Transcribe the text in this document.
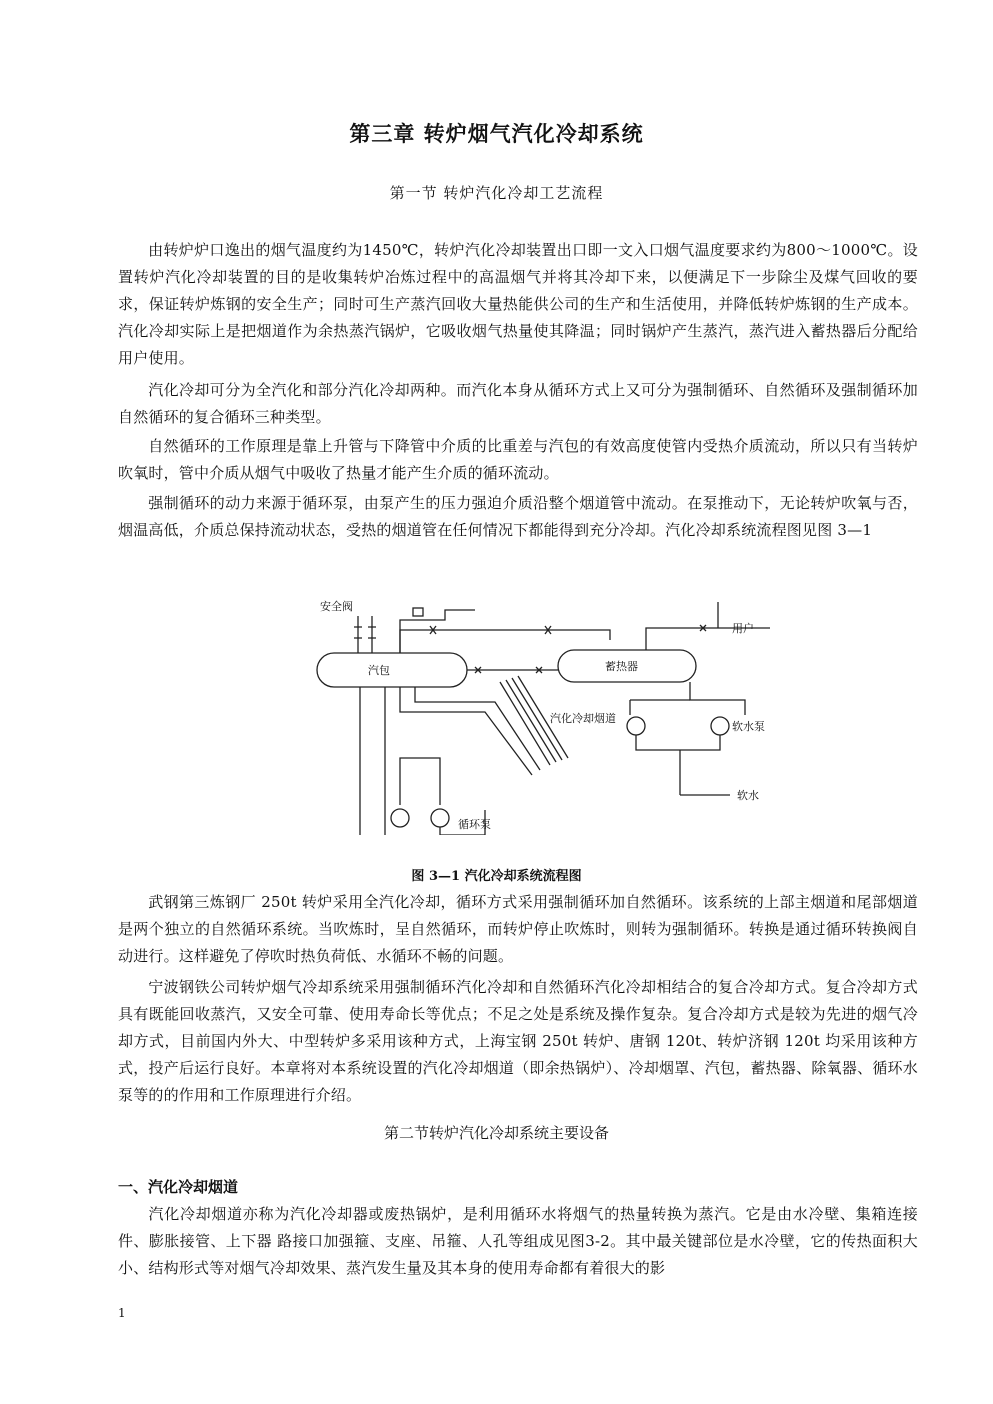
第三章 转炉烟气汽化冷却系统
第一节 转炉汽化冷却工艺流程

由转炉炉口逸出的烟气温度约为1450℃，转炉汽化冷却装置出口即一文入口烟气温度要求约为800～1000℃。设置转炉汽化冷却装置的目的是收集转炉冶炼过程中的高温烟气并将其冷却下来，以便满足下一步除尘及煤气回收的要求，保证转炉炼钢的安全生产；同时可生产蒸汽回收大量热能供公司的生产和生活使用，并降低转炉炼钢的生产成本。汽化冷却实际上是把烟道作为余热蒸汽锅炉，它吸收烟气热量使其降温；同时锅炉产生蒸汽，蒸汽进入蓄热器后分配给用户使用。

汽化冷却可分为全汽化和部分汽化冷却两种。而汽化本身从循环方式上又可分为强制循环、自然循环及强制循环加自然循环的复合循环三种类型。

自然循环的工作原理是靠上升管与下降管中介质的比重差与汽包的有效高度使管内受热介质流动，所以只有当转炉吹氧时，管中介质从烟气中吸收了热量才能产生介质的循环流动。

强制循环的动力来源于循环泵，由泵产生的压力强迫介质沿整个烟道管中流动。在泵推动下，无论转炉吹氧与否，烟温高低，介质总保持流动状态，受热的烟道管在任何情况下都能得到充分冷却。汽化冷却系统流程图见图 3—1

安全阀
汽包	蓄热器
用户
汽化冷却烟道
软水泵
软水
循环泵
图 3—1 汽化冷却系统流程图

武钢第三炼钢厂 250t 转炉采用全汽化冷却，循环方式采用强制循环加自然循环。该系统的上部主烟道和尾部烟道是两个独立的自然循环系统。当吹炼时，呈自然循环，而转炉停止吹炼时，则转为强制循环。转换是通过循环转换阀自动进行。这样避免了停吹时热负荷低、水循环不畅的问题。

宁波钢铁公司转炉烟气冷却系统采用强制循环汽化冷却和自然循环汽化冷却相结合的复合冷却方式。复合冷却方式具有既能回收蒸汽，又安全可靠、使用寿命长等优点；不足之处是系统及操作复杂。复合冷却方式是较为先进的烟气冷却方式，目前国内外大、中型转炉多采用该种方式，上海宝钢 250t 转炉、唐钢 120t、转炉济钢 120t 均采用该种方式，投产后运行良好。本章将对本系统设置的汽化冷却烟道（即余热锅炉）、冷却烟罩、汽包，蓄热器、除氧器、循环水泵等的的作用和工作原理进行介绍。

第二节转炉汽化冷却系统主要设备
一、汽化冷却烟道

汽化冷却烟道亦称为汽化冷却器或废热锅炉，是利用循环水将烟气的热量转换为蒸汽。它是由水冷壁、集箱连接件、膨胀接管、上下器 路接口加强箍、支座、吊箍、人孔等组成见图3-2。其中最关键部位是水冷壁，它的传热面积大小、结构形式等对烟气冷却效果、蒸汽发生量及其本身的使用寿命都有着很大的影

1
